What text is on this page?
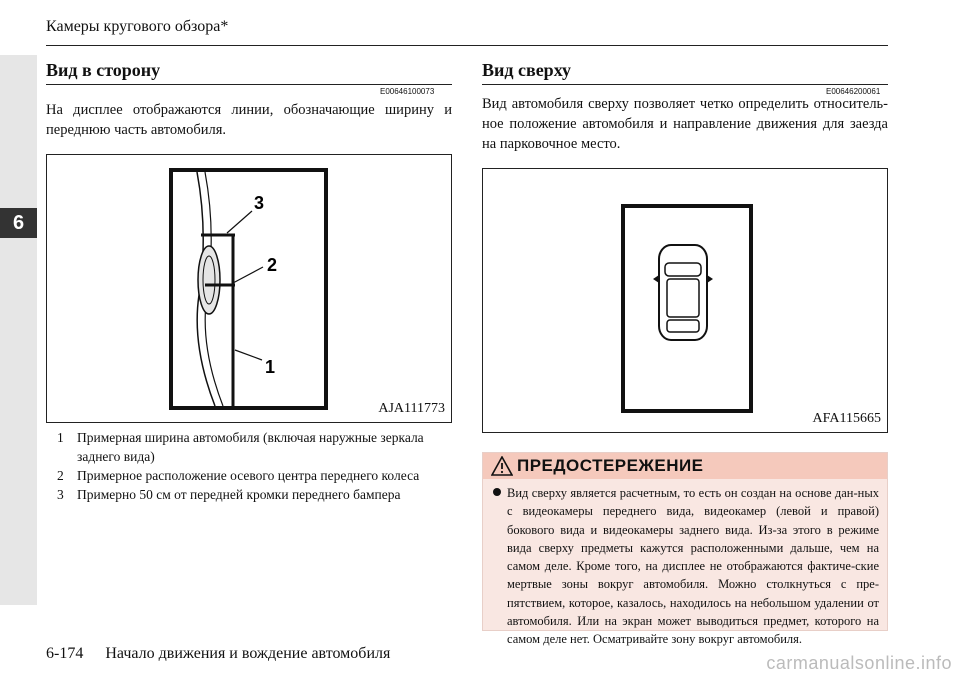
6
Камеры кругового обзора*
Вид в сторону
E00646100073
На дисплее отображаются линии, обозначающие ширину и переднюю часть автомобиля.
3
2
1
AJA111773
1 Примерная ширина автомобиля (включая наружные зеркала заднего вида)
2 Примерное расположение осевого центра переднего колеса
3 Примерно 50 см от передней кромки переднего бампера
Вид сверху
E00646200061
Вид автомобиля сверху позволяет четко определить относитель-ное положение автомобиля и направление движения для заезда на парковочное место.
AFA115665
ПРЕДОСТЕРЕЖЕНИЕ
Вид сверху является расчетным, то есть он создан на основе дан-ных с видеокамеры переднего вида, видеокамер (левой и правой) бокового вида и видеокамеры заднего вида. Из-за этого в режиме вида сверху предметы кажутся расположенными дальше, чем на самом деле. Кроме того, на дисплее не отображаются фактиче-ские мертвые зоны вокруг автомобиля. Можно столкнуться с пре-пятствием, которое, казалось, находилось на небольшом удалении от автомобиля. Или на экран может выводиться предмет, которого на самом деле нет. Осматривайте зону вокруг автомобиля.
6-174 Начало движения и вождение автомобиля	carmanualsonline.info
